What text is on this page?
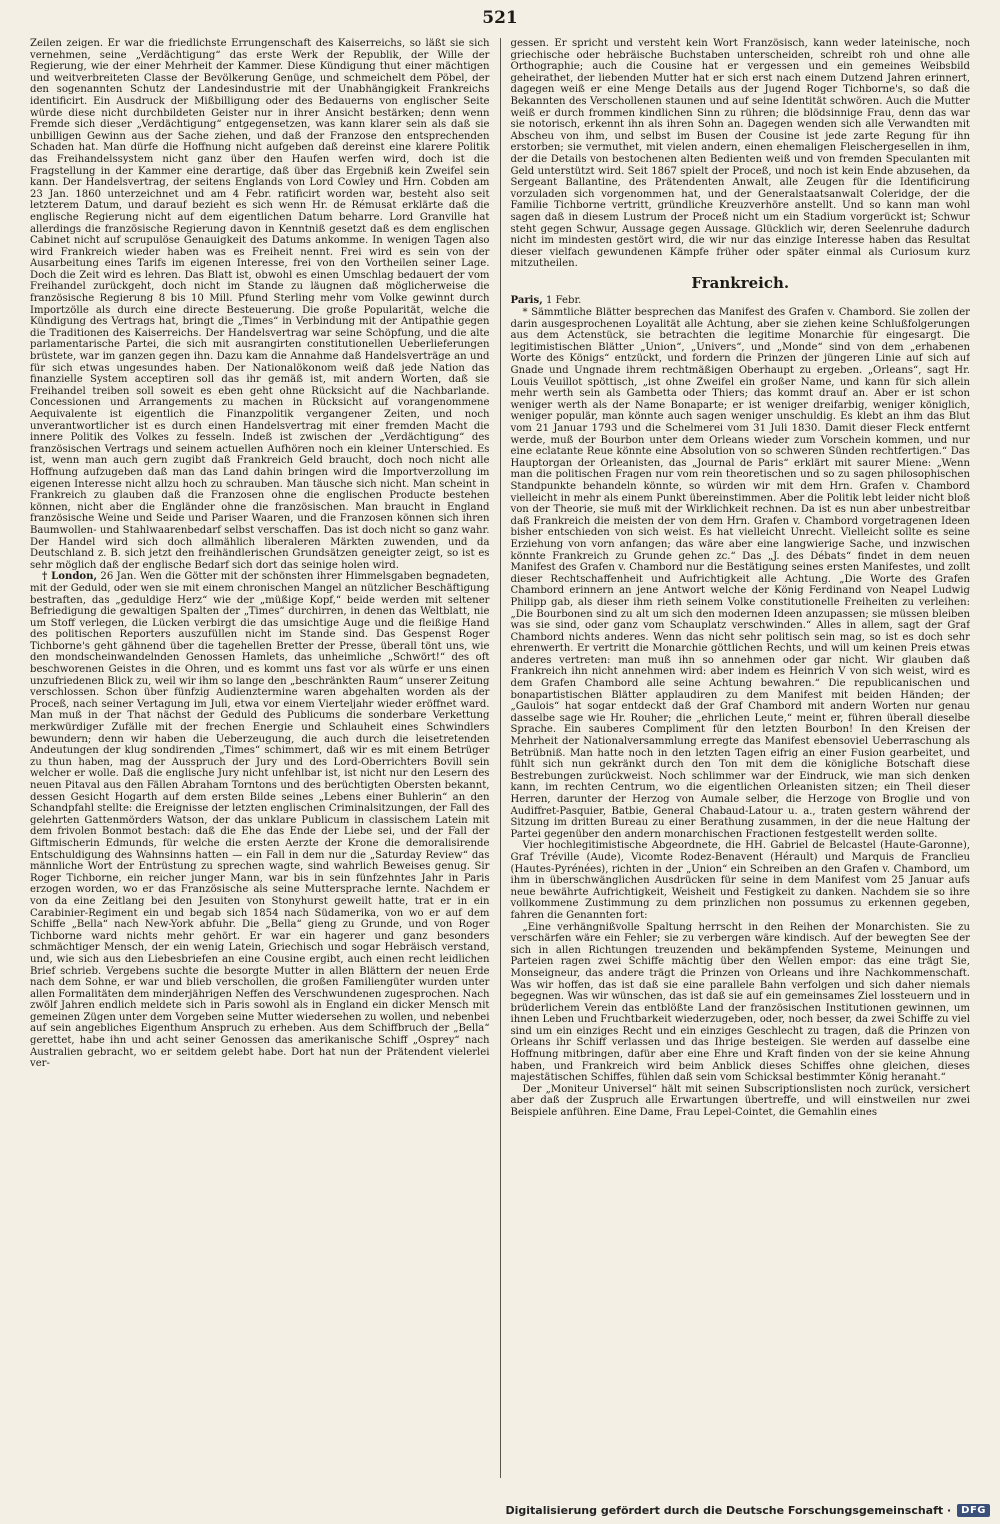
521

Zeilen zeigen. Er war die friedlichste Errungenschaft des Kaiserreichs, so läßt sie sich vernehmen, seine „Verdächtigung“ das erste Werk der Republik, der Wille der Regierung, wie der einer Mehrheit der Kammer. Diese Kündigung thut einer mächtigen und weitverbreiteten Classe der Bevölkerung Genüge, und schmeichelt dem Pöbel, der den sogenannten Schutz der Landesindustrie mit der Unabhängigkeit Frankreichs identificirt. Ein Ausdruck der Mißbilligung oder des Bedauerns von englischer Seite würde diese nicht durchbildeten Geister nur in ihrer Ansicht bestärken; denn wenn Fremde sich dieser „Verdächtigung“ entgegensetzen, was kann klarer sein als daß sie unbilligen Gewinn aus der Sache ziehen, und daß der Franzose den entsprechenden Schaden hat. Man dürfe die Hoffnung nicht aufgeben daß dereinst eine klarere Politik das Freihandelssystem nicht ganz über den Haufen werfen wird, doch ist die Fragstellung in der Kammer eine derartige, daß über das Ergebniß kein Zweifel sein kann. Der Handelsvertrag, der seitens Englands von Lord Cowley und Hrn. Cobden am 23 Jan. 1860 unterzeichnet und am 4 Febr. ratificirt worden war, besteht also seit letzterem Datum, und darauf bezieht es sich wenn Hr. de Rémusat erklärte daß die englische Regierung nicht auf dem eigentlichen Datum beharre. Lord Granville hat allerdings die französische Regierung davon in Kenntniß gesetzt daß es dem englischen Cabinet nicht auf scrupulöse Genauigkeit des Datums ankomme. In wenigen Tagen also wird Frankreich wieder haben was es Freiheit nennt. Frei wird es sein von der Ausarbeitung eines Tarifs im eigenen Interesse, frei von den Vortheilen seiner Lage. Doch die Zeit wird es lehren. Das Blatt ist, obwohl es einen Umschlag bedauert der vom Freihandel zurückgeht, doch nicht im Stande zu läugnen daß möglicherweise die französische Regierung 8 bis 10 Mill. Pfund Sterling mehr vom Volke gewinnt durch Importzölle als durch eine directe Besteuerung. Die große Popularität, welche die Kündigung des Vertrags hat, bringt die „Times“ in Verbindung mit der Antipathie gegen die Traditionen des Kaiserreichs. Der Handelsvertrag war seine Schöpfung, und die alte parlamentarische Partei, die sich mit ausrangirten constitutionellen Ueberlieferungen brüstete, war im ganzen gegen ihn. Dazu kam die Annahme daß Handelsverträge an und für sich etwas ungesundes haben. Der Nationalökonom weiß daß jede Nation das finanzielle System acceptiren soll das ihr gemäß ist, mit andern Worten, daß sie Freihandel treiben soll soweit es eben geht ohne Rücksicht auf die Nachbarlande. Concessionen und Arrangements zu machen in Rücksicht auf vorangenommene Aequivalente ist eigentlich die Finanzpolitik vergangener Zeiten, und noch unverantwortlicher ist es durch einen Handelsvertrag mit einer fremden Macht die innere Politik des Volkes zu fesseln. Indeß ist zwischen der „Verdächtigung“ des französischen Vertrags und seinem actuellen Aufhören noch ein kleiner Unterschied. Es ist, wenn man auch gern zugibt daß Frankreich Geld braucht, doch noch nicht alle Hoffnung aufzugeben daß man das Land dahin bringen wird die Importverzollung im eigenen Interesse nicht allzu hoch zu schrauben. Man täusche sich nicht. Man scheint in Frankreich zu glauben daß die Franzosen ohne die englischen Producte bestehen können, nicht aber die Engländer ohne die französischen. Man braucht in England französische Weine und Seide und Pariser Waaren, und die Franzosen können sich ihren Baumwollen- und Stahlwaarenbedarf selbst verschaffen. Das ist doch nicht so ganz wahr. Der Handel wird sich doch allmählich liberaleren Märkten zuwenden, und da Deutschland z. B. sich jetzt den freihändlerischen Grundsätzen geneigter zeigt, so ist es sehr möglich daß der englische Bedarf sich dort das seinige holen wird.

† London, 26 Jan. Wen die Götter mit der schönsten ihrer Himmelsgaben begnadeten, mit der Geduld, oder wen sie mit einem chronischen Mangel an nützlicher Beschäftigung bestraften, das „geduldige Herz“ wie der „müßige Kopf,“ beide werden mit seltener Befriedigung die gewaltigen Spalten der „Times“ durchirren, in denen das Weltblatt, nie um Stoff verlegen, die Lücken verbirgt die das umsichtige Auge und die fleißige Hand des politischen Reporters auszufüllen nicht im Stande sind. Das Gespenst Roger Tichborne's geht gähnend über die tagehellen Bretter der Presse, überall tönt uns, wie den mondscheinwandelnden Genossen Hamlets, das unheimliche „Schwört!“ des oft beschworenen Geistes in die Ohren, und es kommt uns fast vor als würfe er uns einen unzufriedenen Blick zu, weil wir ihm so lange den „beschränkten Raum“ unserer Zeitung verschlossen. Schon über fünfzig Audienztermine waren abgehalten worden als der Proceß, nach seiner Vertagung im Juli, etwa vor einem Vierteljahr wieder eröffnet ward. Man muß in der That nächst der Geduld des Publicums die sonderbare Verkettung merkwürdiger Zufälle mit der frechen Energie und Schlauheit eines Schwindlers bewundern; denn wir haben die Ueberzeugung, die auch durch die leisetretenden Andeutungen der klug sondirenden „Times“ schimmert, daß wir es mit einem Betrüger zu thun haben, mag der Ausspruch der Jury und des Lord-Oberrichters Bovill sein welcher er wolle. Daß die englische Jury nicht unfehlbar ist, ist nicht nur den Lesern des neuen Pitaval aus den Fällen Abraham Torntons und des berüchtigten Obersten bekannt, dessen Gesicht Hogarth auf dem ersten Bilde seines „Lebens einer Buhlerin“ an den Schandpfahl stellte: die Ereignisse der letzten englischen Criminalsitzungen, der Fall des gelehrten Gattenmörders Watson, der das unklare Publicum in classischem Latein mit dem frivolen Bonmot bestach: daß die Ehe das Ende der Liebe sei, und der Fall der Giftmischerin Edmunds, für welche die ersten Aerzte der Krone die demoralisirende Entschuldigung des Wahnsinns hatten — ein Fall in dem nur die „Saturday Review“ das männliche Wort der Entrüstung zu sprechen wagte, sind wahrlich Beweises genug. Sir Roger Tichborne, ein reicher junger Mann, war bis in sein fünfzehntes Jahr in Paris erzogen worden, wo er das Französische als seine Muttersprache lernte. Nachdem er von da eine Zeitlang bei den Jesuiten von Stonyhurst geweilt hatte, trat er in ein Carabinier-Regiment ein und begab sich 1854 nach Südamerika, von wo er auf dem Schiffe „Bella“ nach New-York abfuhr. Die „Bella“ gieng zu Grunde, und von Roger Tichborne ward nichts mehr gehört. Er war ein hagerer und ganz besonders schmächtiger Mensch, der ein wenig Latein, Griechisch und sogar Hebräisch verstand, und, wie sich aus den Liebesbriefen an eine Cousine ergibt, auch einen recht leidlichen Brief schrieb. Vergebens suchte die besorgte Mutter in allen Blättern der neuen Erde nach dem Sohne, er war und blieb verschollen, die großen Familiengüter wurden unter allen Formalitäten dem minderjährigen Neffen des Verschwundenen zugesprochen. Nach zwölf Jahren endlich meldete sich in Paris sowohl als in England ein dicker Mensch mit gemeinen Zügen unter dem Vorgeben seine Mutter wiedersehen zu wollen, und nebenbei auf sein angebliches Eigenthum Anspruch zu erheben. Aus dem Schiffbruch der „Bella“ gerettet, habe ihn und acht seiner Genossen das amerikanische Schiff „Osprey“ nach Australien gebracht, wo er seitdem gelebt habe. Dort hat nun der Prätendent vielerlei ver-

gessen. Er spricht und versteht kein Wort Französisch, kann weder lateinische, noch griechische oder hebräische Buchstaben unterscheiden, schreibt roh und ohne alle Orthographie; auch die Cousine hat er vergessen und ein gemeines Weibsbild geheirathet, der liebenden Mutter hat er sich erst nach einem Dutzend Jahren erinnert, dagegen weiß er eine Menge Details aus der Jugend Roger Tichborne's, so daß die Bekannten des Verschollenen staunen und auf seine Identität schwören. Auch die Mutter weiß er durch frommen kindlichen Sinn zu rühren; die blödsinnige Frau, denn das war sie notorisch, erkennt ihn als ihren Sohn an. Dagegen wenden sich alle Verwandten mit Abscheu von ihm, und selbst im Busen der Cousine ist jede zarte Regung für ihn erstorben; sie vermuthet, mit vielen andern, einen ehemaligen Fleischergesellen in ihm, der die Details von bestochenen alten Bedienten weiß und von fremden Speculanten mit Geld unterstützt wird. Seit 1867 spielt der Proceß, und noch ist kein Ende abzusehen, da Sergeant Ballantine, des Prätendenten Anwalt, alle Zeugen für die Identificirung vorzuladen sich vorgenommen hat, und der Generalstaatsanwalt Coleridge, der die Familie Tichborne vertritt, gründliche Kreuzverhöre anstellt. Und so kann man wohl sagen daß in diesem Lustrum der Proceß nicht um ein Stadium vorgerückt ist; Schwur steht gegen Schwur, Aussage gegen Aussage. Glücklich wir, deren Seelenruhe dadurch nicht im mindesten gestört wird, die wir nur das einzige Interesse haben das Resultat dieser vielfach gewundenen Kämpfe früher oder später einmal als Curiosum kurz mitzutheilen.

Frankreich.

Paris, 1 Febr.

* Sämmtliche Blätter besprechen das Manifest des Grafen v. Chambord. Sie zollen der darin ausgesprochenen Loyalität alle Achtung, aber sie ziehen keine Schlußfolgerungen aus dem Actenstück, sie betrachten die legitime Monarchie für eingesargt. Die legitimistischen Blätter „Union“, „Univers“, und „Monde“ sind von dem „erhabenen Worte des Königs“ entzückt, und fordern die Prinzen der jüngeren Linie auf sich auf Gnade und Ungnade ihrem rechtmäßigen Oberhaupt zu ergeben. „Orleans“, sagt Hr. Louis Veuillot spöttisch, „ist ohne Zweifel ein großer Name, und kann für sich allein mehr werth sein als Gambetta oder Thiers; das kommt drauf an. Aber er ist schon weniger werth als der Name Bonaparte; er ist weniger dreifarbig, weniger königlich, weniger populär, man könnte auch sagen weniger unschuldig. Es klebt an ihm das Blut vom 21 Januar 1793 und die Schelmerei vom 31 Juli 1830. Damit dieser Fleck entfernt werde, muß der Bourbon unter dem Orleans wieder zum Vorschein kommen, und nur eine eclatante Reue könnte eine Absolution von so schweren Sünden rechtfertigen.“ Das Hauptorgan der Orleanisten, das „Journal de Paris“ erklärt mit saurer Miene: „Wenn man die politischen Fragen nur vom rein theoretischen und so zu sagen philosophischen Standpunkte behandeln könnte, so würden wir mit dem Hrn. Grafen v. Chambord vielleicht in mehr als einem Punkt übereinstimmen. Aber die Politik lebt leider nicht bloß von der Theorie, sie muß mit der Wirklichkeit rechnen. Da ist es nun aber unbestreitbar daß Frankreich die meisten der von dem Hrn. Grafen v. Chambord vorgetragenen Ideen bisher entschieden von sich weist. Es hat vielleicht Unrecht. Vielleicht sollte es seine Erziehung von vorn anfangen; das wäre aber eine langwierige Sache, und inzwischen könnte Frankreich zu Grunde gehen zc.“ Das „J. des Débats“ findet in dem neuen Manifest des Grafen v. Chambord nur die Bestätigung seines ersten Manifestes, und zollt dieser Rechtschaffenheit und Aufrichtigkeit alle Achtung. „Die Worte des Grafen Chambord erinnern an jene Antwort welche der König Ferdinand von Neapel Ludwig Philipp gab, als dieser ihm rieth seinem Volke constitutionelle Freiheiten zu verleihen: „Die Bourbonen sind zu alt um sich den modernen Ideen anzupassen; sie müssen bleiben was sie sind, oder ganz vom Schauplatz verschwinden.“ Alles in allem, sagt der Graf Chambord nichts anderes. Wenn das nicht sehr politisch sein mag, so ist es doch sehr ehrenwerth. Er vertritt die Monarchie göttlichen Rechts, und will um keinen Preis etwas anderes vertreten: man muß ihn so annehmen oder gar nicht. Wir glauben daß Frankreich ihn nicht annehmen wird: aber indem es Heinrich V von sich weist, wird es dem Grafen Chambord alle seine Achtung bewahren.“ Die republicanischen und bonapartistischen Blätter applaudiren zu dem Manifest mit beiden Händen; der „Gaulois“ hat sogar entdeckt daß der Graf Chambord mit andern Worten nur genau dasselbe sage wie Hr. Rouher; die „ehrlichen Leute,“ meint er, führen überall dieselbe Sprache. Ein sauberes Compliment für den letzten Bourbon! In den Kreisen der Mehrheit der Nationalversammlung erregte das Manifest ebensoviel Ueberraschung als Betrübniß. Man hatte noch in den letzten Tagen eifrig an einer Fusion gearbeitet, und fühlt sich nun gekränkt durch den Ton mit dem die königliche Botschaft diese Bestrebungen zurückweist. Noch schlimmer war der Eindruck, wie man sich denken kann, im rechten Centrum, wo die eigentlichen Orleanisten sitzen; ein Theil dieser Herren, darunter der Herzog von Aumale selber, die Herzoge von Broglie und von Audiffret-Pasquier, Batbie, General Chabaud-Latour u. a., traten gestern während der Sitzung im dritten Bureau zu einer Berathung zusammen, in der die neue Haltung der Partei gegenüber den andern monarchischen Fractionen festgestellt werden sollte.

Vier hochlegitimistische Abgeordnete, die HH. Gabriel de Belcastel (Haute-Garonne), Graf Tréville (Aude), Vicomte Rodez-Benavent (Hérault) und Marquis de Franclieu (Hautes-Pyrénées), richten in der „Union“ ein Schreiben an den Grafen v. Chambord, um ihm in überschwänglichen Ausdrücken für seine in dem Manifest vom 25 Januar aufs neue bewährte Aufrichtigkeit, Weisheit und Festigkeit zu danken. Nachdem sie so ihre vollkommene Zustimmung zu dem prinzlichen non possumus zu erkennen gegeben, fahren die Genannten fort:

„Eine verhängnißvolle Spaltung herrscht in den Reihen der Monarchisten. Sie zu verschärfen wäre ein Fehler; sie zu verbergen wäre kindisch. Auf der bewegten See der sich in allen Richtungen treuzenden und bekämpfenden Systeme, Meinungen und Parteien ragen zwei Schiffe mächtig über den Wellen empor: das eine trägt Sie, Monseigneur, das andere trägt die Prinzen von Orleans und ihre Nachkommenschaft. Was wir hoffen, das ist daß sie eine parallele Bahn verfolgen und sich daher niemals begegnen. Was wir wünschen, das ist daß sie auf ein gemeinsames Ziel lossteuern und in brüderlichem Verein das entblößte Land der französischen Institutionen gewinnen, um ihnen Leben und Fruchtbarkeit wiederzugeben, oder, noch besser, da zwei Schiffe zu viel sind um ein einziges Recht und ein einziges Geschlecht zu tragen, daß die Prinzen von Orleans ihr Schiff verlassen und das Ihrige besteigen. Sie werden auf dasselbe eine Hoffnung mitbringen, dafür aber eine Ehre und Kraft finden von der sie keine Ahnung haben, und Frankreich wird beim Anblick dieses Schiffes ohne gleichen, dieses majestätischen Schiffes, fühlen daß sein vom Schicksal bestimmter König heranaht.“

Der „Moniteur Universel“ hält mit seinen Subscriptionslisten noch zurück, versichert aber daß der Zuspruch alle Erwartungen übertreffe, und will einstweilen nur zwei Beispiele anführen. Eine Dame, Frau Lepel-Cointet, die Gemahlin eines

Digitalisierung gefördert durch die Deutsche Forschungsgemeinschaft ·	DFG
